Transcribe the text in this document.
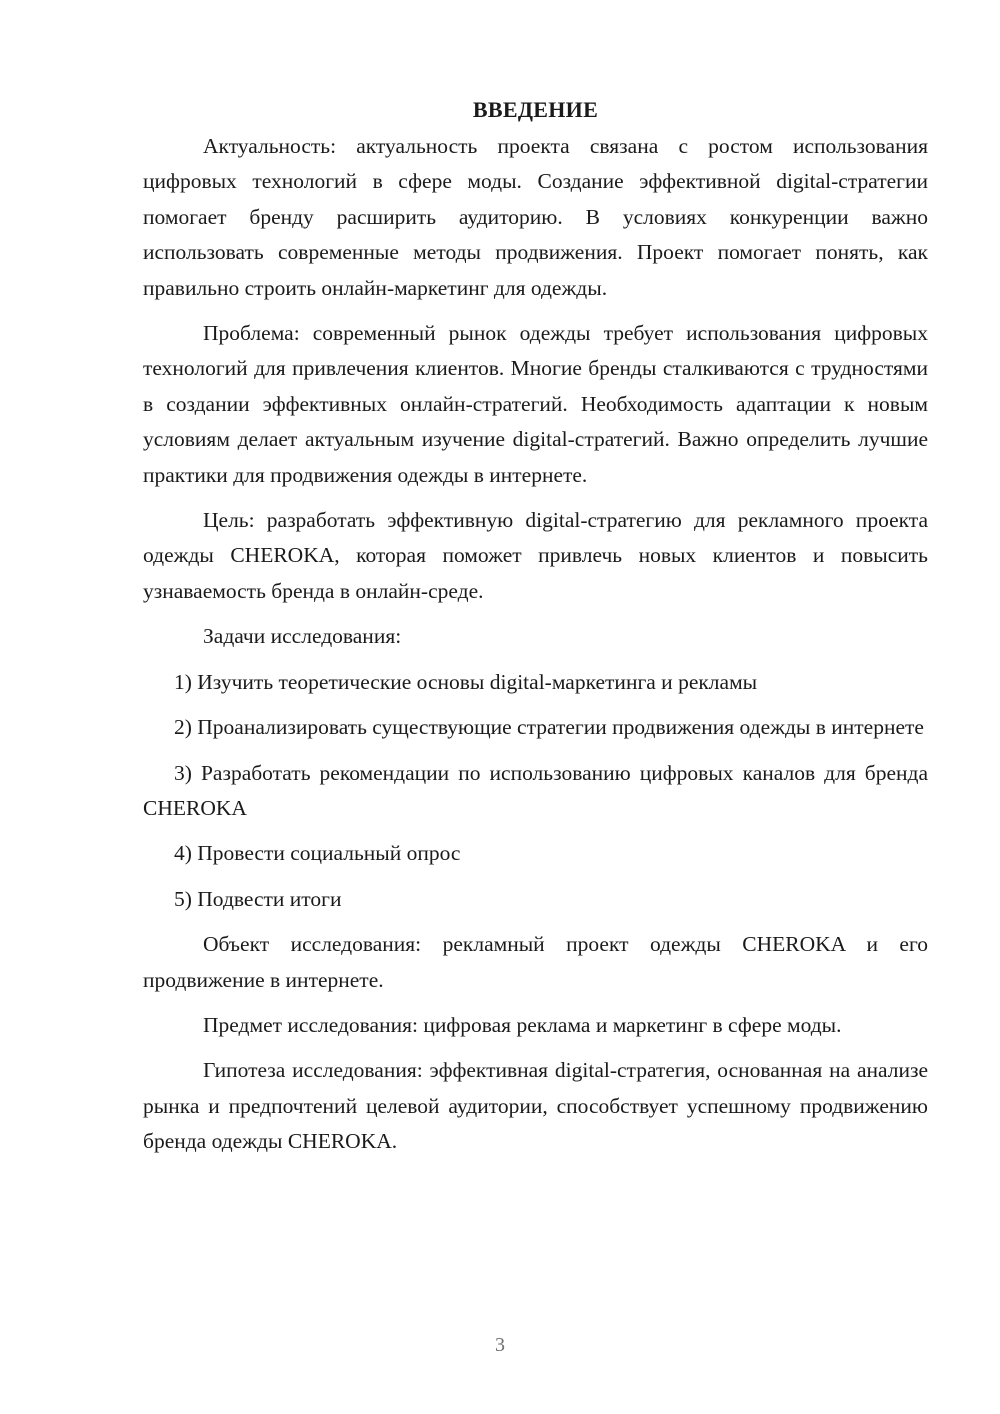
ВВЕДЕНИЕ
Актуальность: актуальность проекта связана с ростом использования цифровых технологий в сфере моды. Создание эффективной digital-стратегии помогает бренду расширить аудиторию. В условиях конкуренции важно использовать современные методы продвижения. Проект помогает понять, как правильно строить онлайн-маркетинг для одежды.
Проблема: современный рынок одежды требует использования цифровых технологий для привлечения клиентов. Многие бренды сталкиваются с трудностями в создании эффективных онлайн-стратегий. Необходимость адаптации к новым условиям делает актуальным изучение digital-стратегий. Важно определить лучшие практики для продвижения одежды в интернете.
Цель: разработать эффективную digital-стратегию для рекламного проекта одежды CHEROKA, которая поможет привлечь новых клиентов и повысить узнаваемость бренда в онлайн-среде.
Задачи исследования:
1) Изучить теоретические основы digital-маркетинга и рекламы
2) Проанализировать существующие стратегии продвижения одежды в интернете
3) Разработать рекомендации по использованию цифровых каналов для бренда CHEROKA
4) Провести социальный опрос
5) Подвести итоги
Объект исследования: рекламный проект одежды CHEROKA и его продвижение в интернете.
Предмет исследования: цифровая реклама и маркетинг в сфере моды.
Гипотеза исследования: эффективная digital-стратегия, основанная на анализе рынка и предпочтений целевой аудитории, способствует успешному продвижению бренда одежды CHEROKA.
3
